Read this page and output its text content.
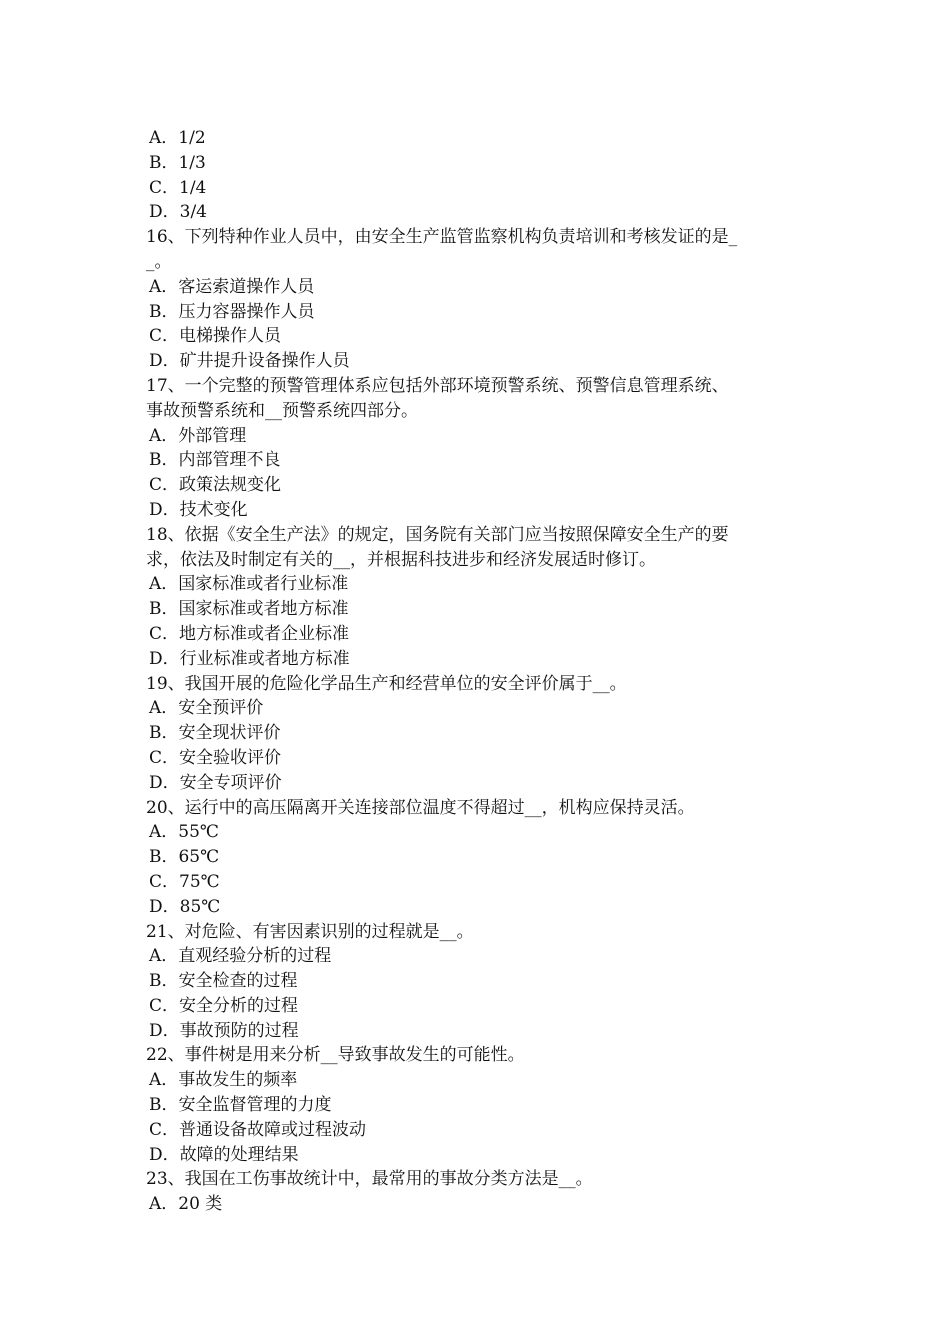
A．1/2
B．1/3
C．1/4
D．3/4
16、下列特种作业人员中，由安全生产监管监察机构负责培训和考核发证的是_
_。
A．客运索道操作人员
B．压力容器操作人员
C．电梯操作人员
D．矿井提升设备操作人员
17、一个完整的预警管理体系应包括外部环境预警系统、预警信息管理系统、
事故预警系统和__预警系统四部分。
A．外部管理
B．内部管理不良
C．政策法规变化
D．技术变化
18、依据《安全生产法》的规定，国务院有关部门应当按照保障安全生产的要
求，依法及时制定有关的__，并根据科技进步和经济发展适时修订。
A．国家标准或者行业标准
B．国家标准或者地方标准
C．地方标准或者企业标准
D．行业标准或者地方标准
19、我国开展的危险化学品生产和经营单位的安全评价属于__。
A．安全预评价
B．安全现状评价
C．安全验收评价
D．安全专项评价
20、运行中的高压隔离开关连接部位温度不得超过__，机构应保持灵活。
A．55℃
B．65℃
C．75℃
D．85℃
21、对危险、有害因素识别的过程就是__。
A．直观经验分析的过程
B．安全检查的过程
C．安全分析的过程
D．事故预防的过程
22、事件树是用来分析__导致事故发生的可能性。
A．事故发生的频率
B．安全监督管理的力度
C．普通设备故障或过程波动
D．故障的处理结果
23、我国在工伤事故统计中，最常用的事故分类方法是__。
A．20 类
